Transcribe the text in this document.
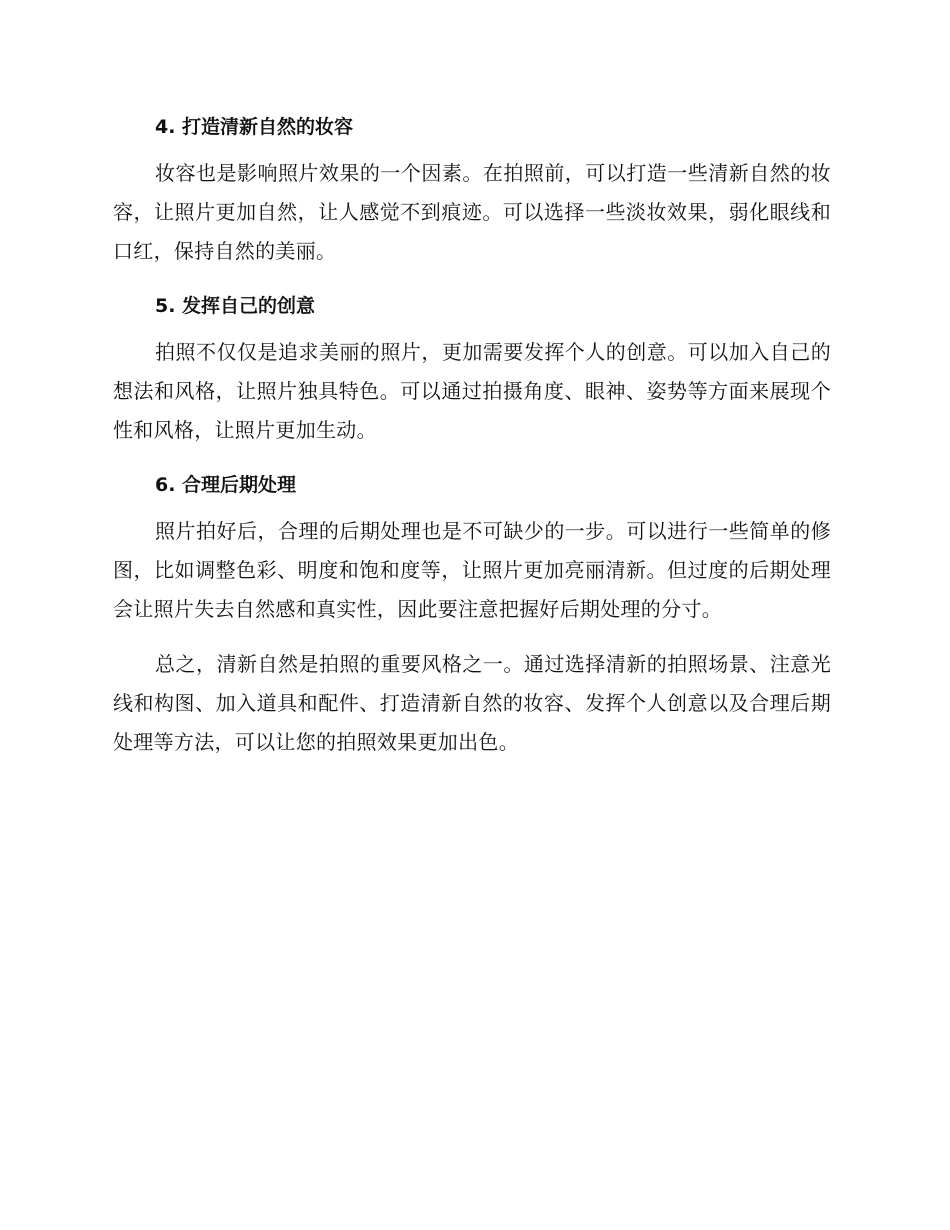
4. 打造清新自然的妆容

妆容也是影响照片效果的一个因素。在拍照前，可以打造一些清新自然的妆容，让照片更加自然，让人感觉不到痕迹。可以选择一些淡妆效果，弱化眼线和口红，保持自然的美丽。

5. 发挥自己的创意

拍照不仅仅是追求美丽的照片，更加需要发挥个人的创意。可以加入自己的想法和风格，让照片独具特色。可以通过拍摄角度、眼神、姿势等方面来展现个性和风格，让照片更加生动。

6. 合理后期处理

照片拍好后，合理的后期处理也是不可缺少的一步。可以进行一些简单的修图，比如调整色彩、明度和饱和度等，让照片更加亮丽清新。但过度的后期处理会让照片失去自然感和真实性，因此要注意把握好后期处理的分寸。

总之，清新自然是拍照的重要风格之一。通过选择清新的拍照场景、注意光线和构图、加入道具和配件、打造清新自然的妆容、发挥个人创意以及合理后期处理等方法，可以让您的拍照效果更加出色。
